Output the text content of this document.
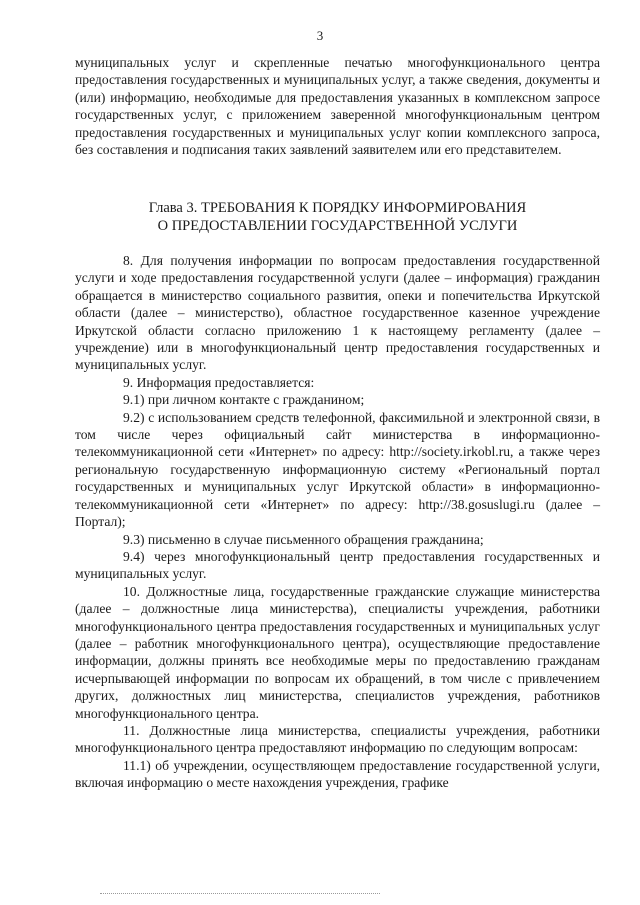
3

муниципальных услуг и скрепленные печатью многофункционального центра предоставления государственных и муниципальных услуг, а также сведения, документы и (или) информацию, необходимые для предоставления указанных в комплексном запросе государственных услуг, с приложением заверенной многофункциональным центром предоставления государственных и муниципальных услуг копии комплексного запроса, без составления и подписания таких заявлений заявителем или его представителем.

Глава 3. ТРЕБОВАНИЯ К ПОРЯДКУ ИНФОРМИРОВАНИЯ
О ПРЕДОСТАВЛЕНИИ ГОСУДАРСТВЕННОЙ УСЛУГИ

8. Для получения информации по вопросам предоставления государственной услуги и ходе предоставления государственной услуги (далее – информация) гражданин обращается в министерство социального развития, опеки и попечительства Иркутской области (далее – министерство), областное государственное казенное учреждение Иркутской области согласно приложению 1 к настоящему регламенту (далее – учреждение) или в многофункциональный центр предоставления государственных и муниципальных услуг.

9. Информация предоставляется:

9.1) при личном контакте с гражданином;

9.2) с использованием средств телефонной, факсимильной и электронной связи, в том числе через официальный сайт министерства в информационно-телекоммуникационной сети «Интернет» по адресу: http://society.irkobl.ru, а также через региональную государственную информационную систему «Региональный портал государственных и муниципальных услуг Иркутской области» в информационно-телекоммуникационной сети «Интернет» по адресу: http://38.gosuslugi.ru (далее – Портал);

9.3) письменно в случае письменного обращения гражданина;

9.4) через многофункциональный центр предоставления государственных и муниципальных услуг.

10. Должностные лица, государственные гражданские служащие министерства (далее – должностные лица министерства), специалисты учреждения, работники многофункционального центра предоставления государственных и муниципальных услуг (далее – работник многофункционального центра), осуществляющие предоставление информации, должны принять все необходимые меры по предоставлению гражданам исчерпывающей информации по вопросам их обращений, в том числе с привлечением других, должностных лиц министерства, специалистов учреждения, работников многофункционального центра.

11. Должностные лица министерства, специалисты учреждения, работники многофункционального центра предоставляют информацию по следующим вопросам:

11.1) об учреждении, осуществляющем предоставление государственной услуги, включая информацию о месте нахождения учреждения, графике
